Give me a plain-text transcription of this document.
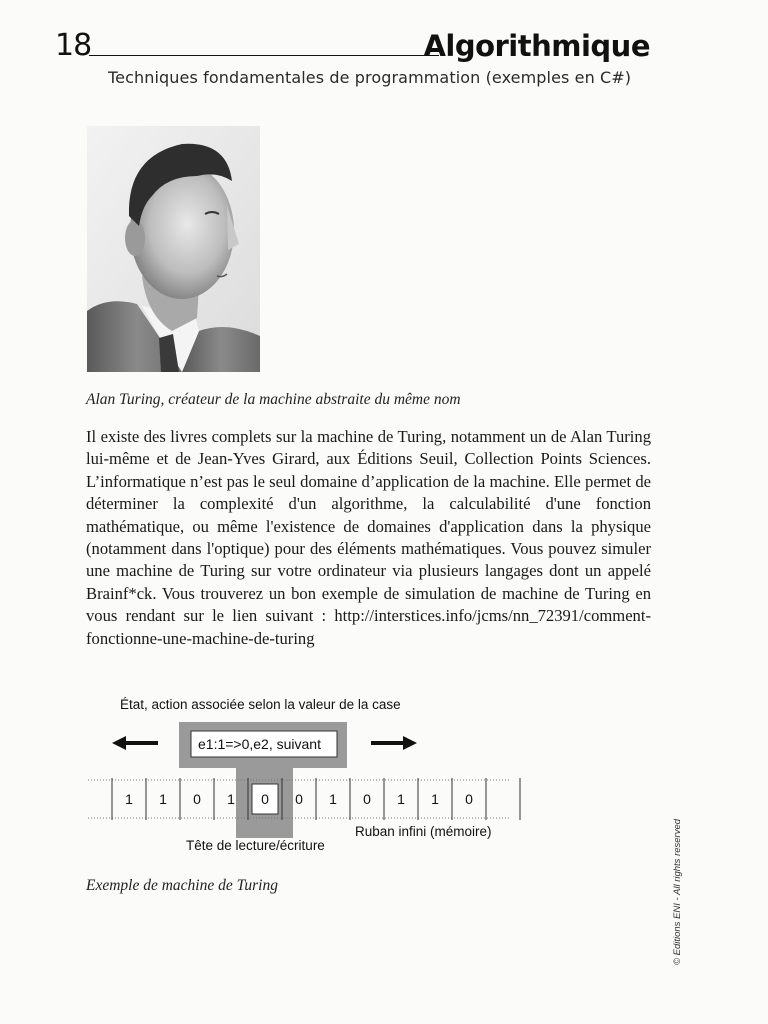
18	Algorithmique
Techniques fondamentales de programmation (exemples en C#)
Alan Turing, créateur de la machine abstraite du même nom
Il existe des livres complets sur la machine de Turing, notamment un de Alan Turing lui-même et de Jean-Yves Girard, aux Éditions Seuil, Collection Points Sciences. L’informatique n’est pas le seul domaine d’application de la machine. Elle permet de déterminer la complexité d'un algorithme, la calculabilité d'une fonction mathématique, ou même l'existence de domaines d'application dans la physique (notamment dans l'optique) pour des éléments mathématiques. Vous pouvez simuler une machine de Turing sur votre ordinateur via plusieurs langages dont un appelé Brainf*ck. Vous trouverez un bon exemple de simulation de machine de Turing en vous rendant sur le lien suivant : http://interstices.info/jcms/nn_72391/comment-fonctionne-une-machine-de-turing
État, action associée selon la valeur de la case
e1:1=>0,e2, suivant
1 1 0 1 0 0 1 0 1 1 0
Tête de lecture/écriture
Ruban infini (mémoire)
Exemple de machine de Turing	© Editions ENI - All rights reserved
